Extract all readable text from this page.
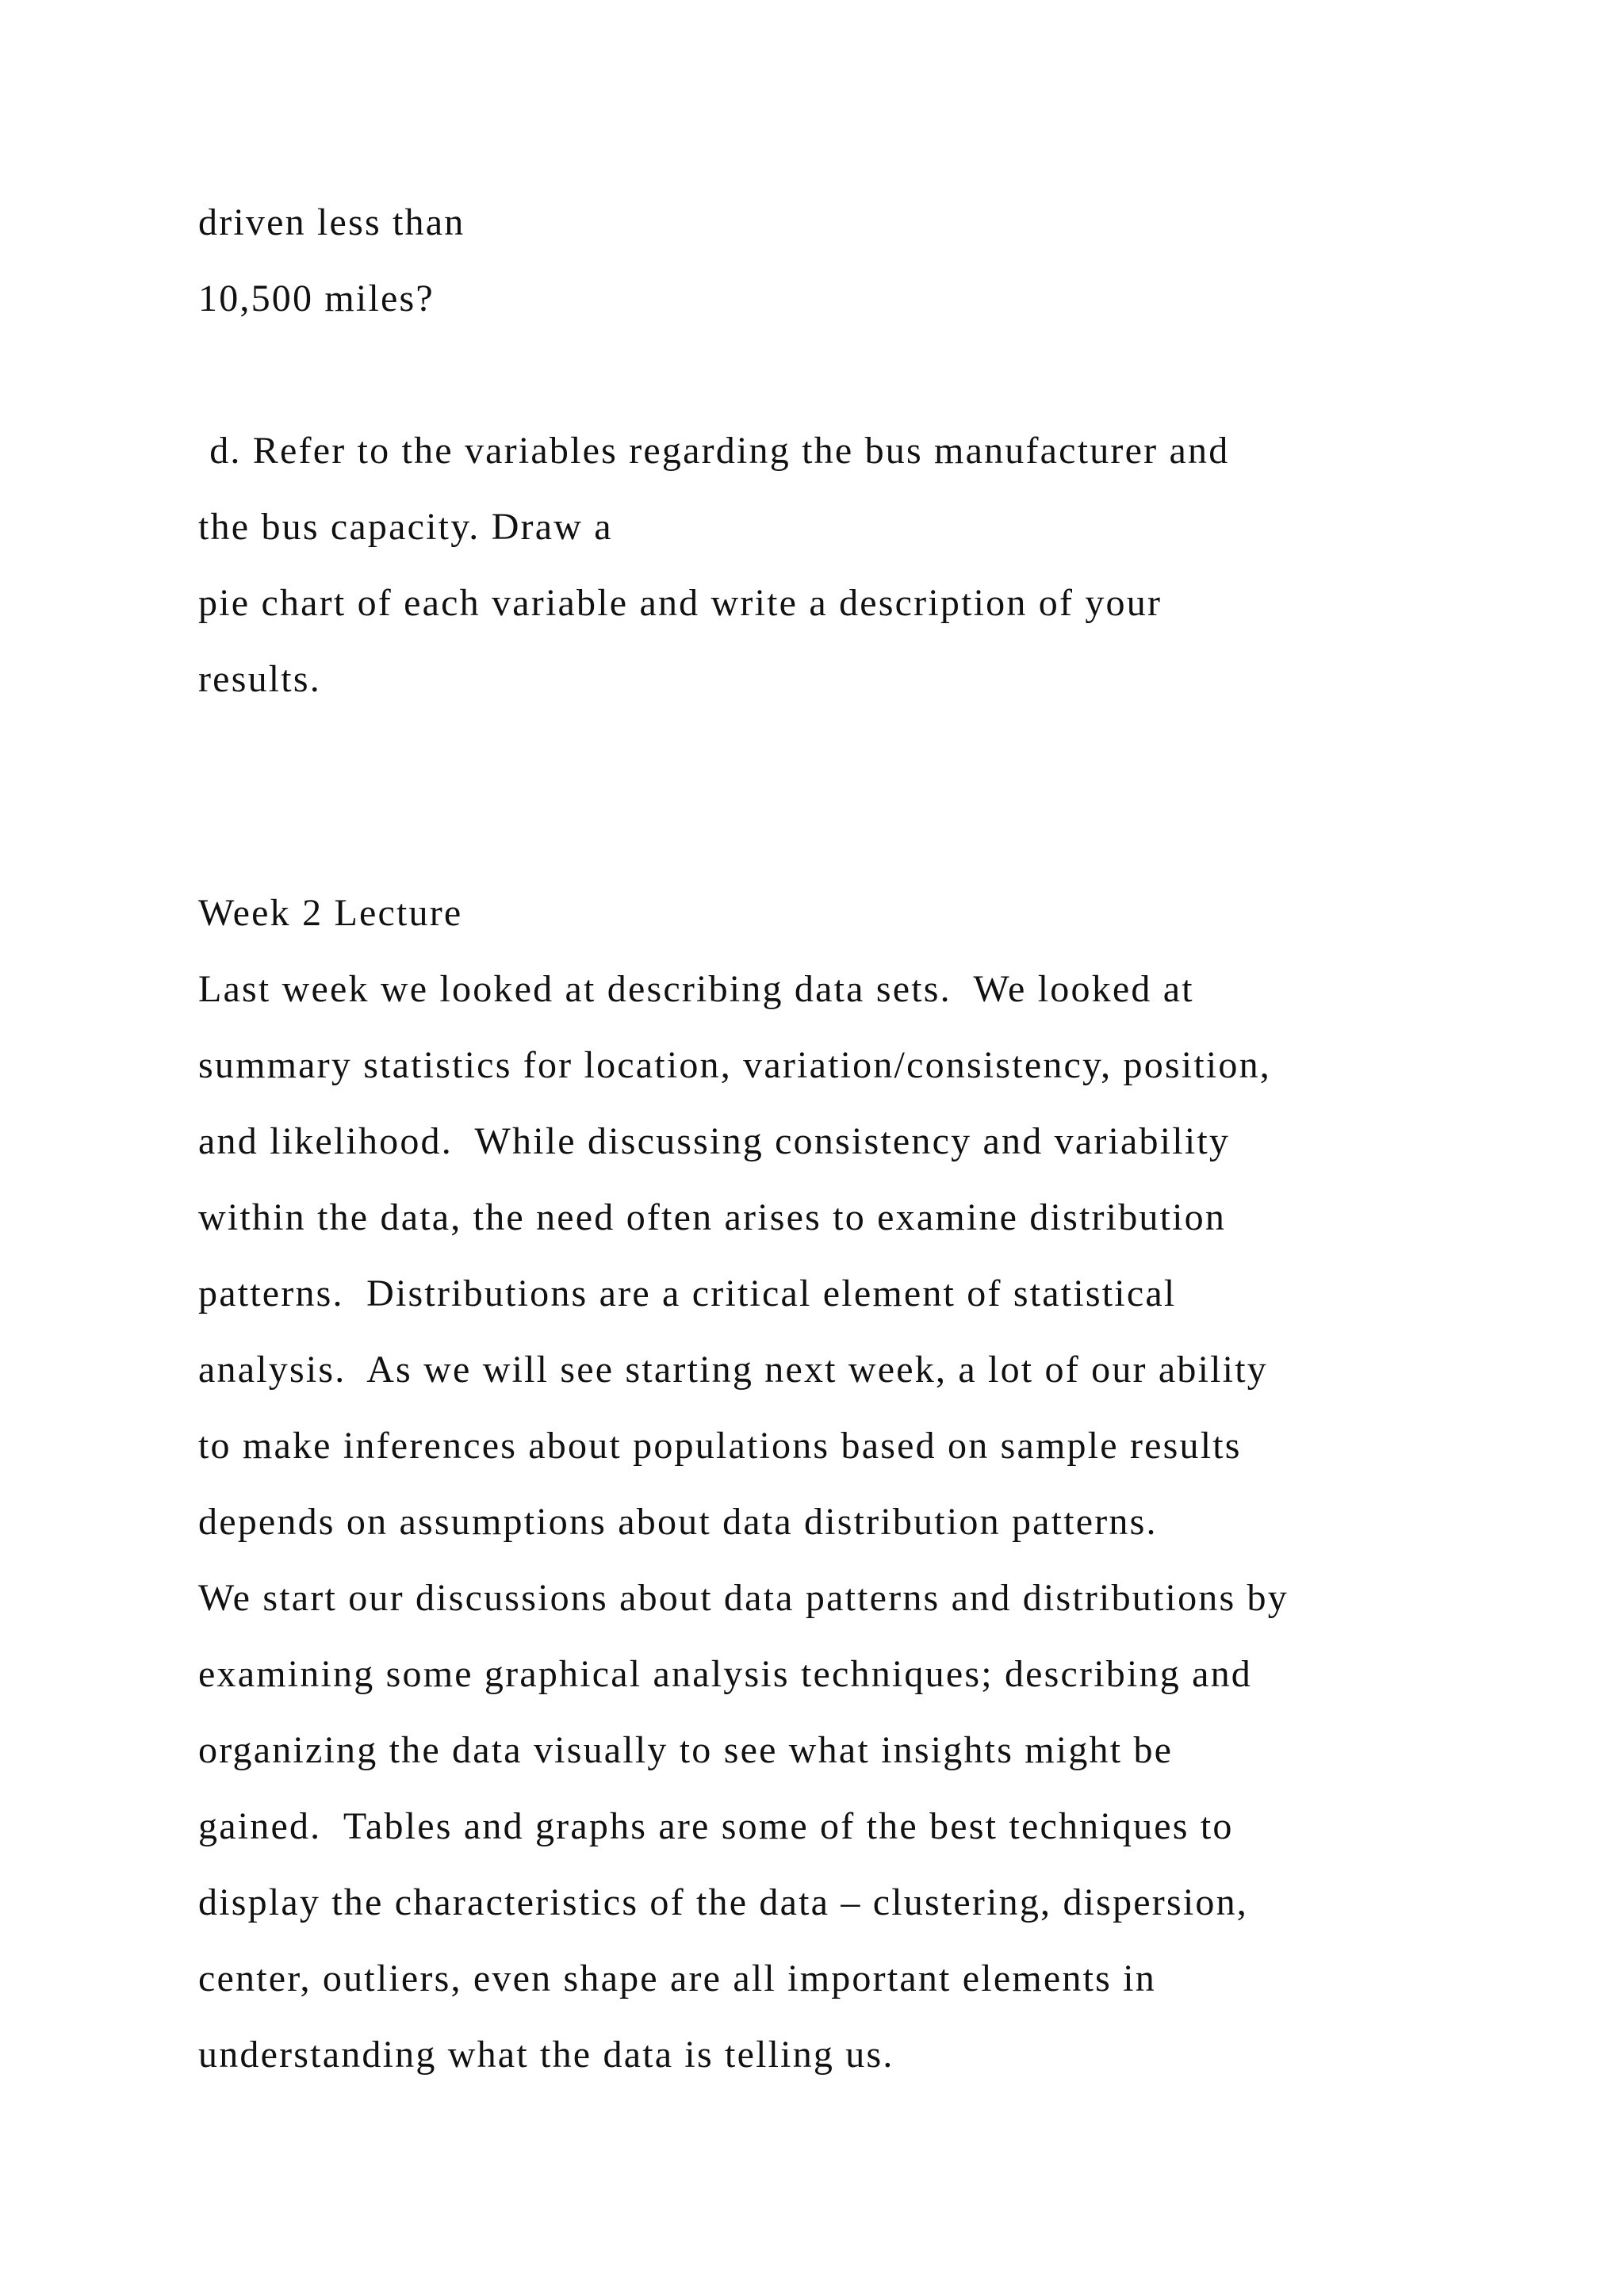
driven less than
10,500 miles?
d. Refer to the variables regarding the bus manufacturer and
the bus capacity. Draw a
pie chart of each variable and write a description of your
results.
Week 2 Lecture
Last week we looked at describing data sets.  We looked at
summary statistics for location, variation/consistency, position,
and likelihood.  While discussing consistency and variability
within the data, the need often arises to examine distribution
patterns.  Distributions are a critical element of statistical
analysis.  As we will see starting next week, a lot of our ability
to make inferences about populations based on sample results
depends on assumptions about data distribution patterns.
We start our discussions about data patterns and distributions by
examining some graphical analysis techniques; describing and
organizing the data visually to see what insights might be
gained.  Tables and graphs are some of the best techniques to
display the characteristics of the data – clustering, dispersion,
center, outliers, even shape are all important elements in
understanding what the data is telling us.
